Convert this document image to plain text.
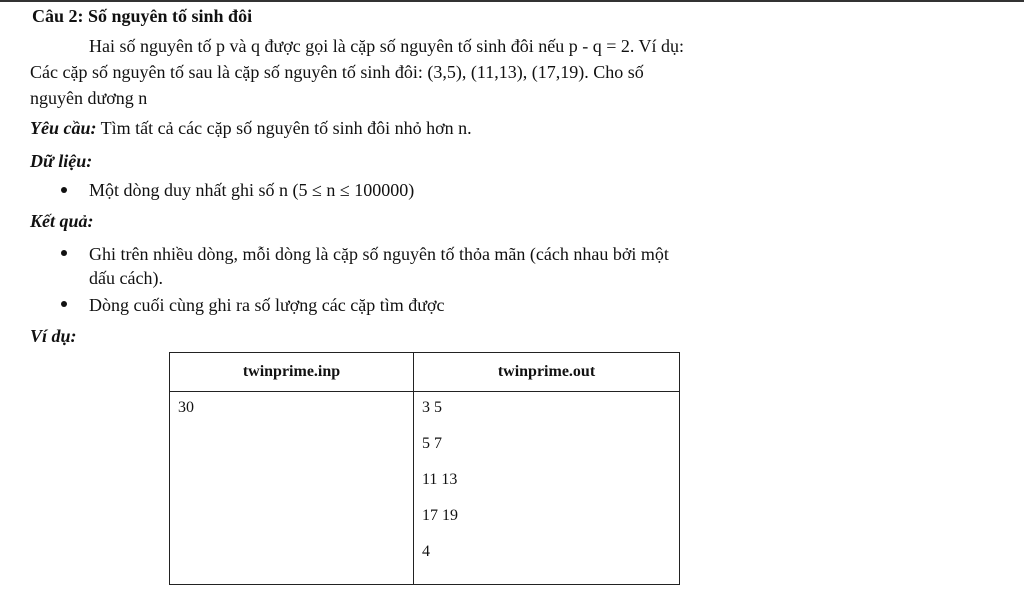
Câu 2: Số nguyên tố sinh đôi
Hai số nguyên tố p và q được gọi là cặp số nguyên tố sinh đôi nếu p - q = 2. Ví dụ:
Các cặp số nguyên tố sau là cặp số nguyên tố sinh đôi: (3,5), (11,13), (17,19). Cho số
nguyên dương n
Yêu cầu: Tìm tất cả các cặp số nguyên tố sinh đôi nhỏ hơn n.
Dữ liệu:
Một dòng duy nhất ghi số n (5 ≤ n ≤ 100000)
Kết quả:
Ghi trên nhiều dòng, mỗi dòng là cặp số nguyên tố thỏa mãn (cách nhau bởi một
dấu cách).
Dòng cuối cùng ghi ra số lượng các cặp tìm được
Ví dụ:
twinprime.inp	twinprime.out
30	3 5
5 7
11 13
17 19
4
